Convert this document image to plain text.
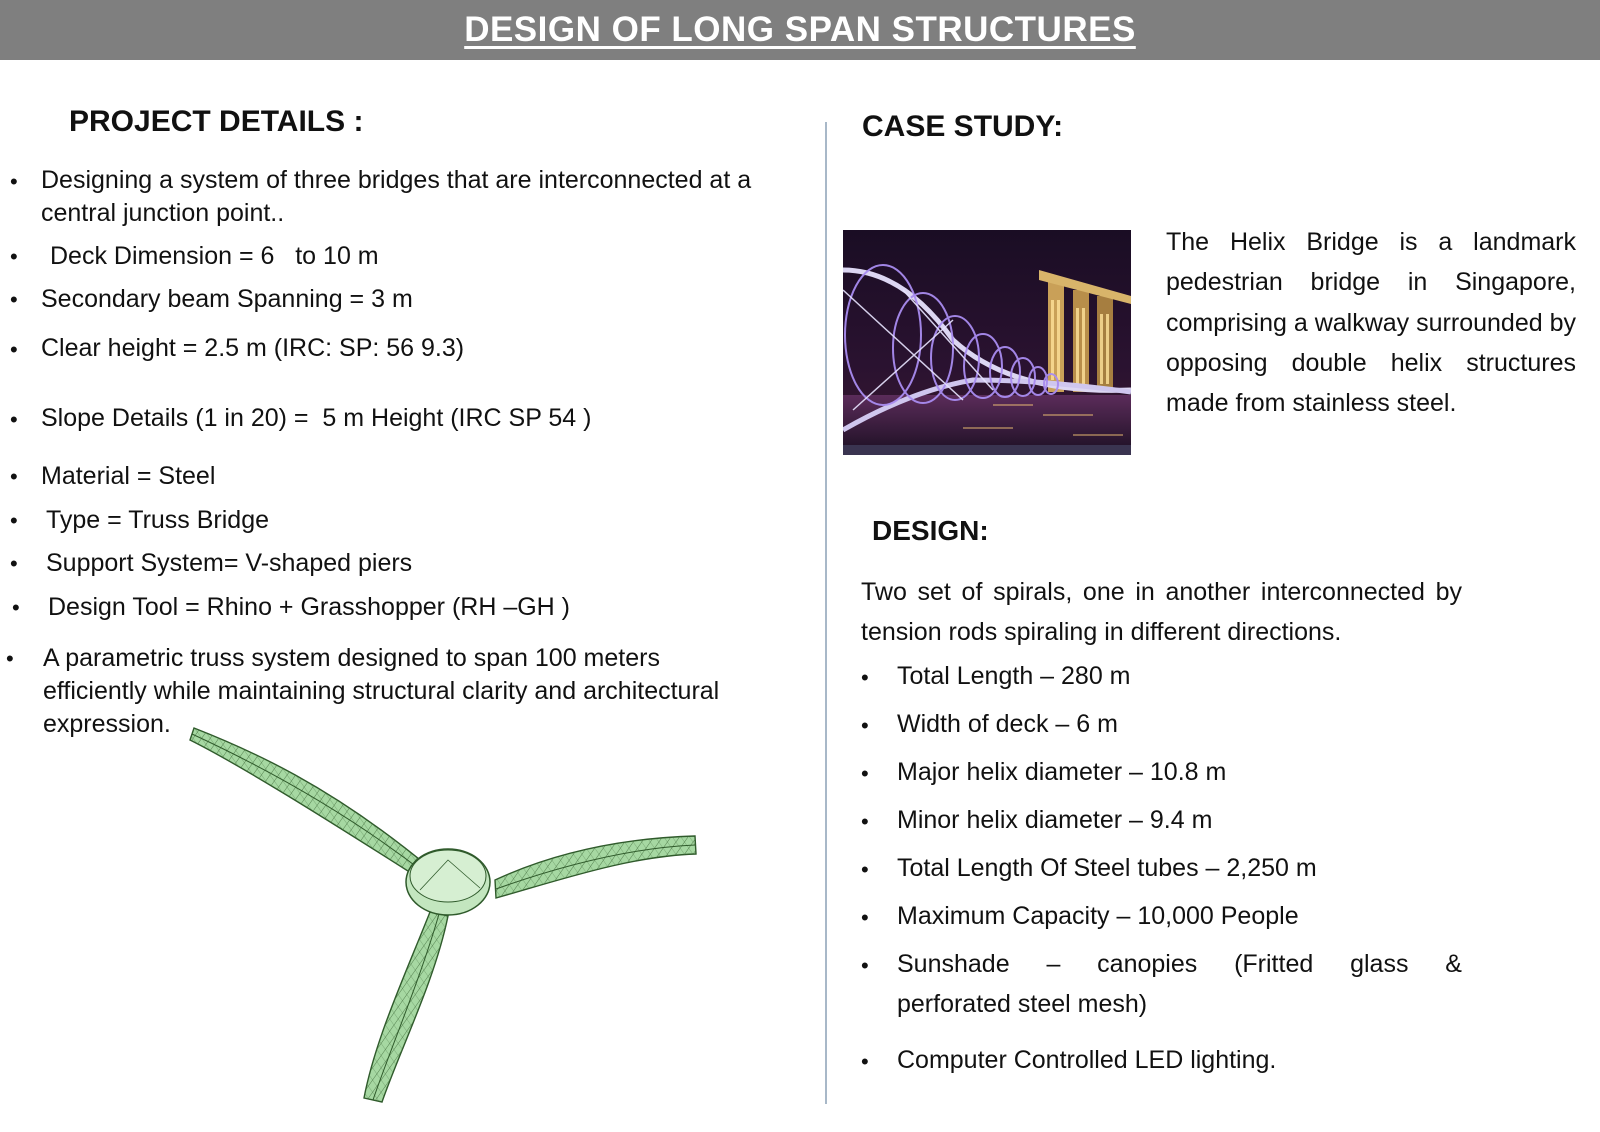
DESIGN OF LONG SPAN STRUCTURES
PROJECT DETAILS :
• Designing a system of three bridges that are interconnected at a
central junction point..
• Deck Dimension = 6   to 10 m
• Secondary beam Spanning = 3 m
• Clear height = 2.5 m (IRC: SP: 56 9.3)
• Slope Details (1 in 20) =  5 m Height (IRC SP 54 )
• Material = Steel
• Type = Truss Bridge
• Support System= V-shaped piers
• Design Tool = Rhino + Grasshopper (RH –GH )
• A parametric truss system designed to span 100 meters
efficiently while maintaining structural clarity and architectural
expression.
CASE STUDY:
The Helix Bridge is a landmark pedestrian bridge in Singapore, comprising a walkway surrounded by opposing double helix structures made from stainless steel.
DESIGN:
Two set of spirals, one in another interconnected by tension rods spiraling in different directions.
• Total Length – 280 m
• Width of deck – 6 m
• Major helix diameter – 10.8 m
• Minor helix diameter – 9.4 m
• Total Length Of Steel tubes – 2,250 m
• Maximum Capacity – 10,000 People
• Sunshade – canopies (Fritted glass &
perforated steel mesh)
• Computer Controlled LED lighting.
